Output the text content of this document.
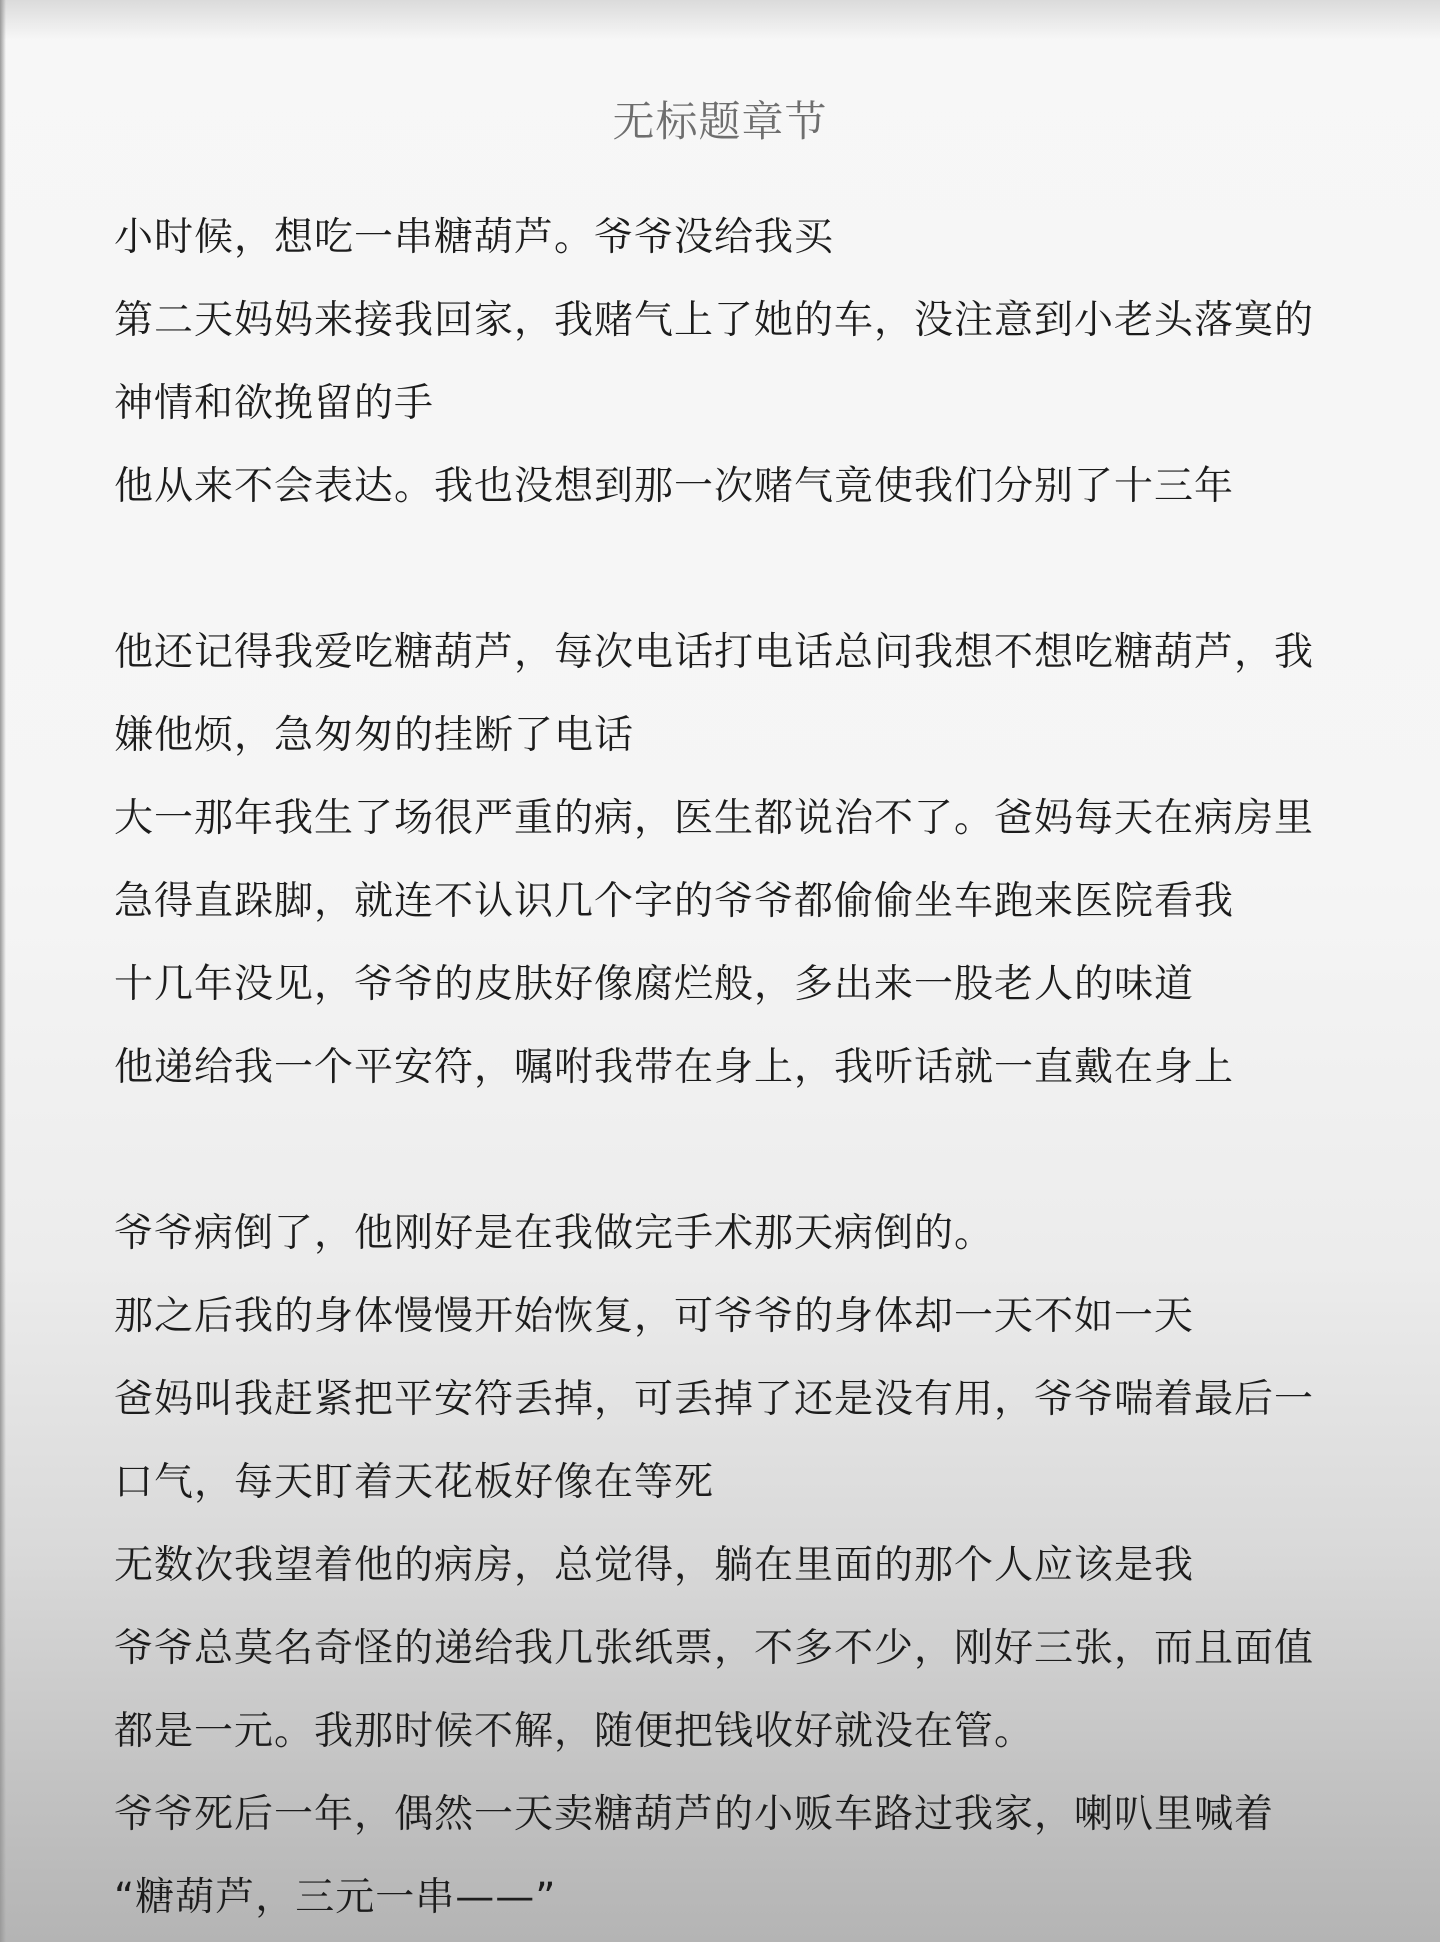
无标题章节
小时候，想吃一串糖葫芦。爷爷没给我买
第二天妈妈来接我回家，我赌气上了她的车，没注意到小老头落寞的
神情和欲挽留的手
他从来不会表达。我也没想到那一次赌气竟使我们分别了十三年
他还记得我爱吃糖葫芦，每次电话打电话总问我想不想吃糖葫芦，我
嫌他烦，急匆匆的挂断了电话
大一那年我生了场很严重的病，医生都说治不了。爸妈每天在病房里
急得直跺脚，就连不认识几个字的爷爷都偷偷坐车跑来医院看我
十几年没见，爷爷的皮肤好像腐烂般，多出来一股老人的味道
他递给我一个平安符，嘱咐我带在身上，我听话就一直戴在身上
爷爷病倒了，他刚好是在我做完手术那天病倒的。
那之后我的身体慢慢开始恢复，可爷爷的身体却一天不如一天
爸妈叫我赶紧把平安符丢掉，可丢掉了还是没有用，爷爷喘着最后一
口气，每天盯着天花板好像在等死
无数次我望着他的病房，总觉得，躺在里面的那个人应该是我
爷爷总莫名奇怪的递给我几张纸票，不多不少，刚好三张，而且面值
都是一元。我那时候不解，随便把钱收好就没在管。
爷爷死后一年，偶然一天卖糖葫芦的小贩车路过我家，喇叭里喊着
“糖葫芦，三元一串——”
